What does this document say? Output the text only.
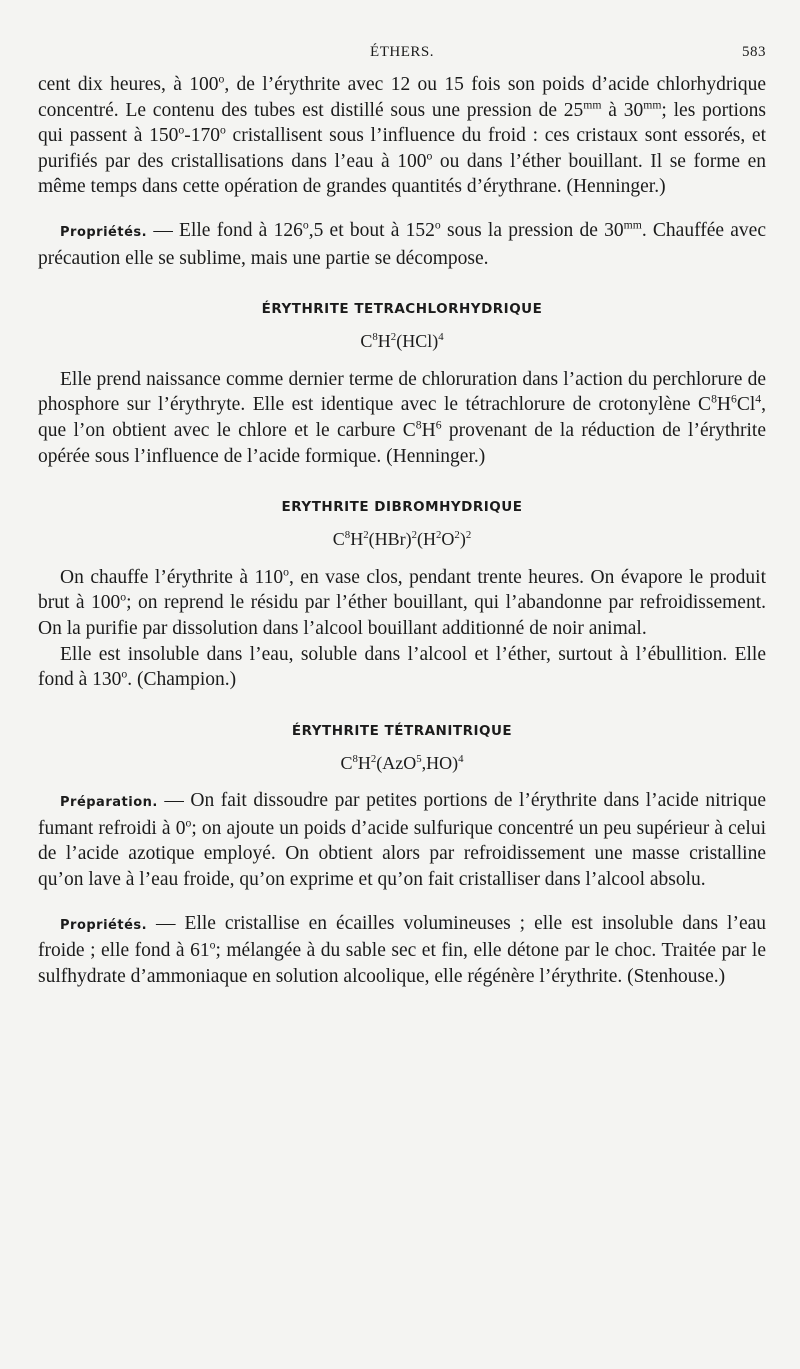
ÉTHERS.	583

cent dix heures, à 100$^o$, de l’érythrite avec 12 ou 15 fois son poids d’acide chlorhydrique concentré. Le contenu des tubes est distillé sous une pression de $25^{mm}$ à $30^{mm}$; les portions qui passent à 150$^o$-170$^o$ cristallisent sous l’influence du froid : ces cristaux sont essorés, et purifiés par des cristallisations dans l’eau à 100$^o$ ou dans l’éther bouillant. Il se forme en même temps dans cette opération de grandes quantités d’érythrane. (Henninger.)

Propriétés. — Elle fond à 126$^o$,5 et bout à 152$^o$ sous la pression de $30^{mm}$. Chauffée avec précaution elle se sublime, mais une partie se décompose.

ÉRYTHRITE TETRACHLORHYDRIQUE

$C^8H^2(HCl)^4$

Elle prend naissance comme dernier terme de chloruration dans l’action du perchlorure de phosphore sur l’érythryte. Elle est identique avec le tétrachlorure de crotonylène $C^8H^6Cl^4$, que l’on obtient avec le chlore et le carbure $C^8H^6$ provenant de la réduction de l’érythrite opérée sous l’influence de l’acide formique. (Henninger.)

ERYTHRITE DIBROMHYDRIQUE

$C^8H^2(HBr)^2(H^2O^2)^2$

On chauffe l’érythrite à 110$^o$, en vase clos, pendant trente heures. On évapore le produit brut à 100$^o$; on reprend le résidu par l’éther bouillant, qui l’abandonne par refroidissement. On la purifie par dissolution dans l’alcool bouillant additionné de noir animal.

Elle est insoluble dans l’eau, soluble dans l’alcool et l’éther, surtout à l’ébullition. Elle fond à 130$^o$. (Champion.)

ÉRYTHRITE TÉTRANITRIQUE

$C^8H^2(AzO^5,HO)^4$

Préparation. — On fait dissoudre par petites portions de l’érythrite dans l’acide nitrique fumant refroidi à 0$^o$; on ajoute un poids d’acide sulfurique concentré un peu supérieur à celui de l’acide azotique employé. On obtient alors par refroidissement une masse cristalline qu’on lave à l’eau froide, qu’on exprime et qu’on fait cristalliser dans l’alcool absolu.

Propriétés. — Elle cristallise en écailles volumineuses ; elle est insoluble dans l’eau froide ; elle fond à 61$^o$; mélangée à du sable sec et fin, elle détone par le choc. Traitée par le sulfhydrate d’ammoniaque en solution alcoolique, elle régénère l’érythrite. (Stenhouse.)
